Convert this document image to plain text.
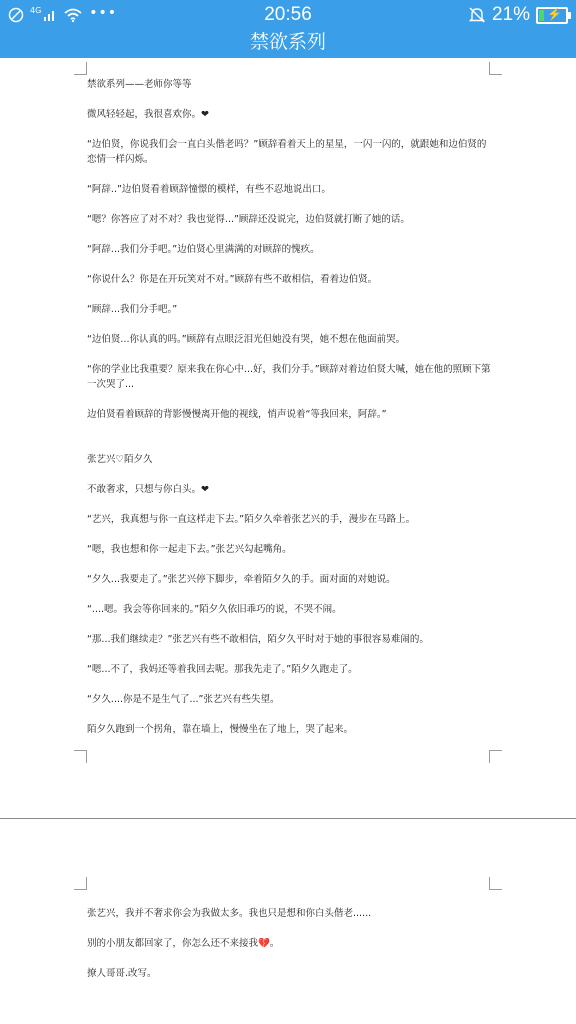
4G	•••	20:56	21% ⚡
禁欲系列

禁欲系列——老师你等等

微风轻轻起，我很喜欢你。❤

“边伯贤，你说我们会一直白头偕老吗？”顾辞看着天上的星星，一闪一闪的，就跟她和边伯贤的恋情一样闪烁。

“阿辞..”边伯贤看着顾辞憧憬的模样，有些不忍地说出口。

“嗯？你答应了对不对？我也觉得...”顾辞还没说完，边伯贤就打断了她的话。

“阿辞...我们分手吧。”边伯贤心里满满的对顾辞的愧疚。

“你说什么？你是在开玩笑对不对。”顾辞有些不敢相信，看着边伯贤。

“顾辞...我们分手吧。”

“边伯贤...你认真的吗。”顾辞有点眼泛泪光但她没有哭，她不想在他面前哭。

“你的学业比我重要？原来我在你心中...好，我们分手。”顾辞对着边伯贤大喊，她在他的照顾下第一次哭了...

边伯贤看着顾辞的背影慢慢离开他的视线，悄声说着“等我回来，阿辞。”

张艺兴♡陌夕久

不敢奢求，只想与你白头。❤

“艺兴，我真想与你一直这样走下去。”陌夕久牵着张艺兴的手，漫步在马路上。

“嗯，我也想和你一起走下去。”张艺兴勾起嘴角。

“夕久...我要走了。”张艺兴停下脚步，牵着陌夕久的手。面对面的对她说。

“....嗯。我会等你回来的。”陌夕久依旧乖巧的说，不哭不闹。

“那...我们继续走？”张艺兴有些不敢相信，陌夕久平时对于她的事很容易难闹的。

“嗯...不了，我妈还等着我回去呢。那我先走了。”陌夕久跑走了。

“夕久....你是不是生气了...”张艺兴有些失望。

陌夕久跑到一个拐角，靠在墙上，慢慢坐在了地上，哭了起来。

张艺兴，我并不奢求你会为我做太多。我也只是想和你白头偕老......

别的小朋友都回家了，你怎么还不来接我💔。

撩人哥哥.改写。
